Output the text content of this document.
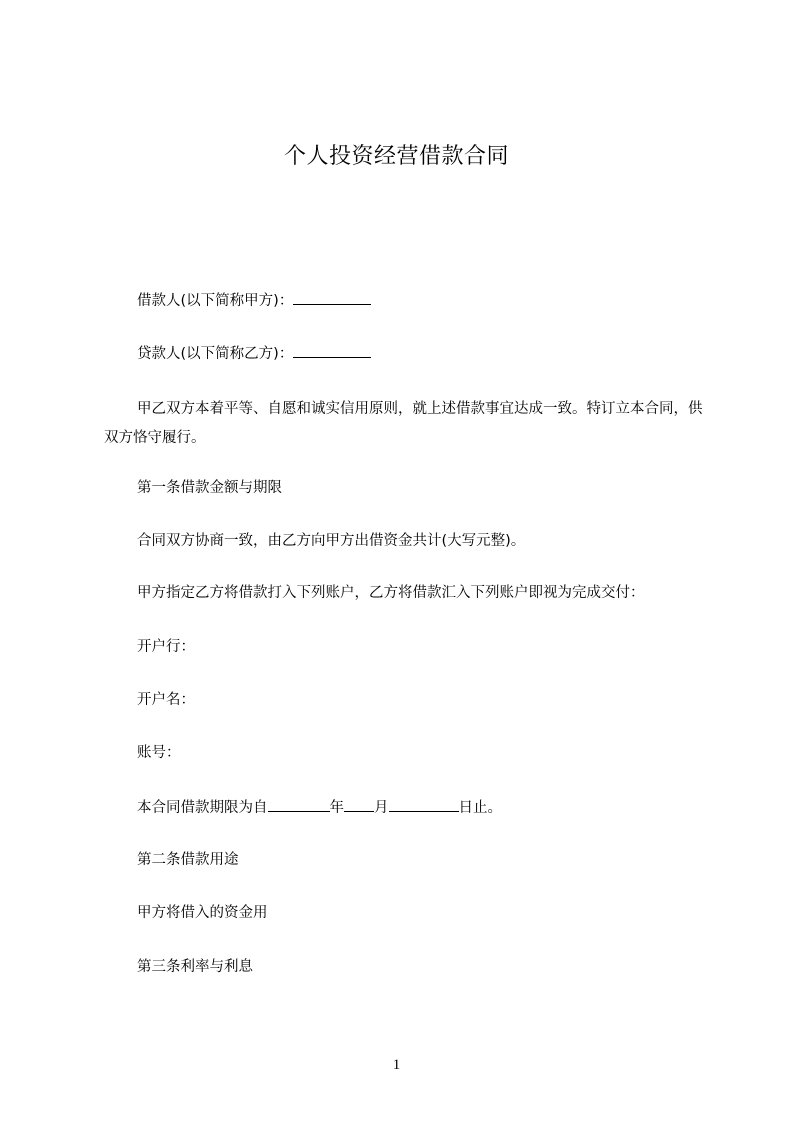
个人投资经营借款合同
借款人(以下简称甲方)：
贷款人(以下简称乙方)：
甲乙双方本着平等、自愿和诚实信用原则，就上述借款事宜达成一致。特订立本合同，供双方恪守履行。
第一条借款金额与期限
合同双方协商一致，由乙方向甲方出借资金共计(大写元整)。
甲方指定乙方将借款打入下列账户，乙方将借款汇入下列账户即视为完成交付：
开户行：
开户名：
账号：
本合同借款期限为自	年 月	日止。
第二条借款用途
甲方将借入的资金用
第三条利率与利息
1
